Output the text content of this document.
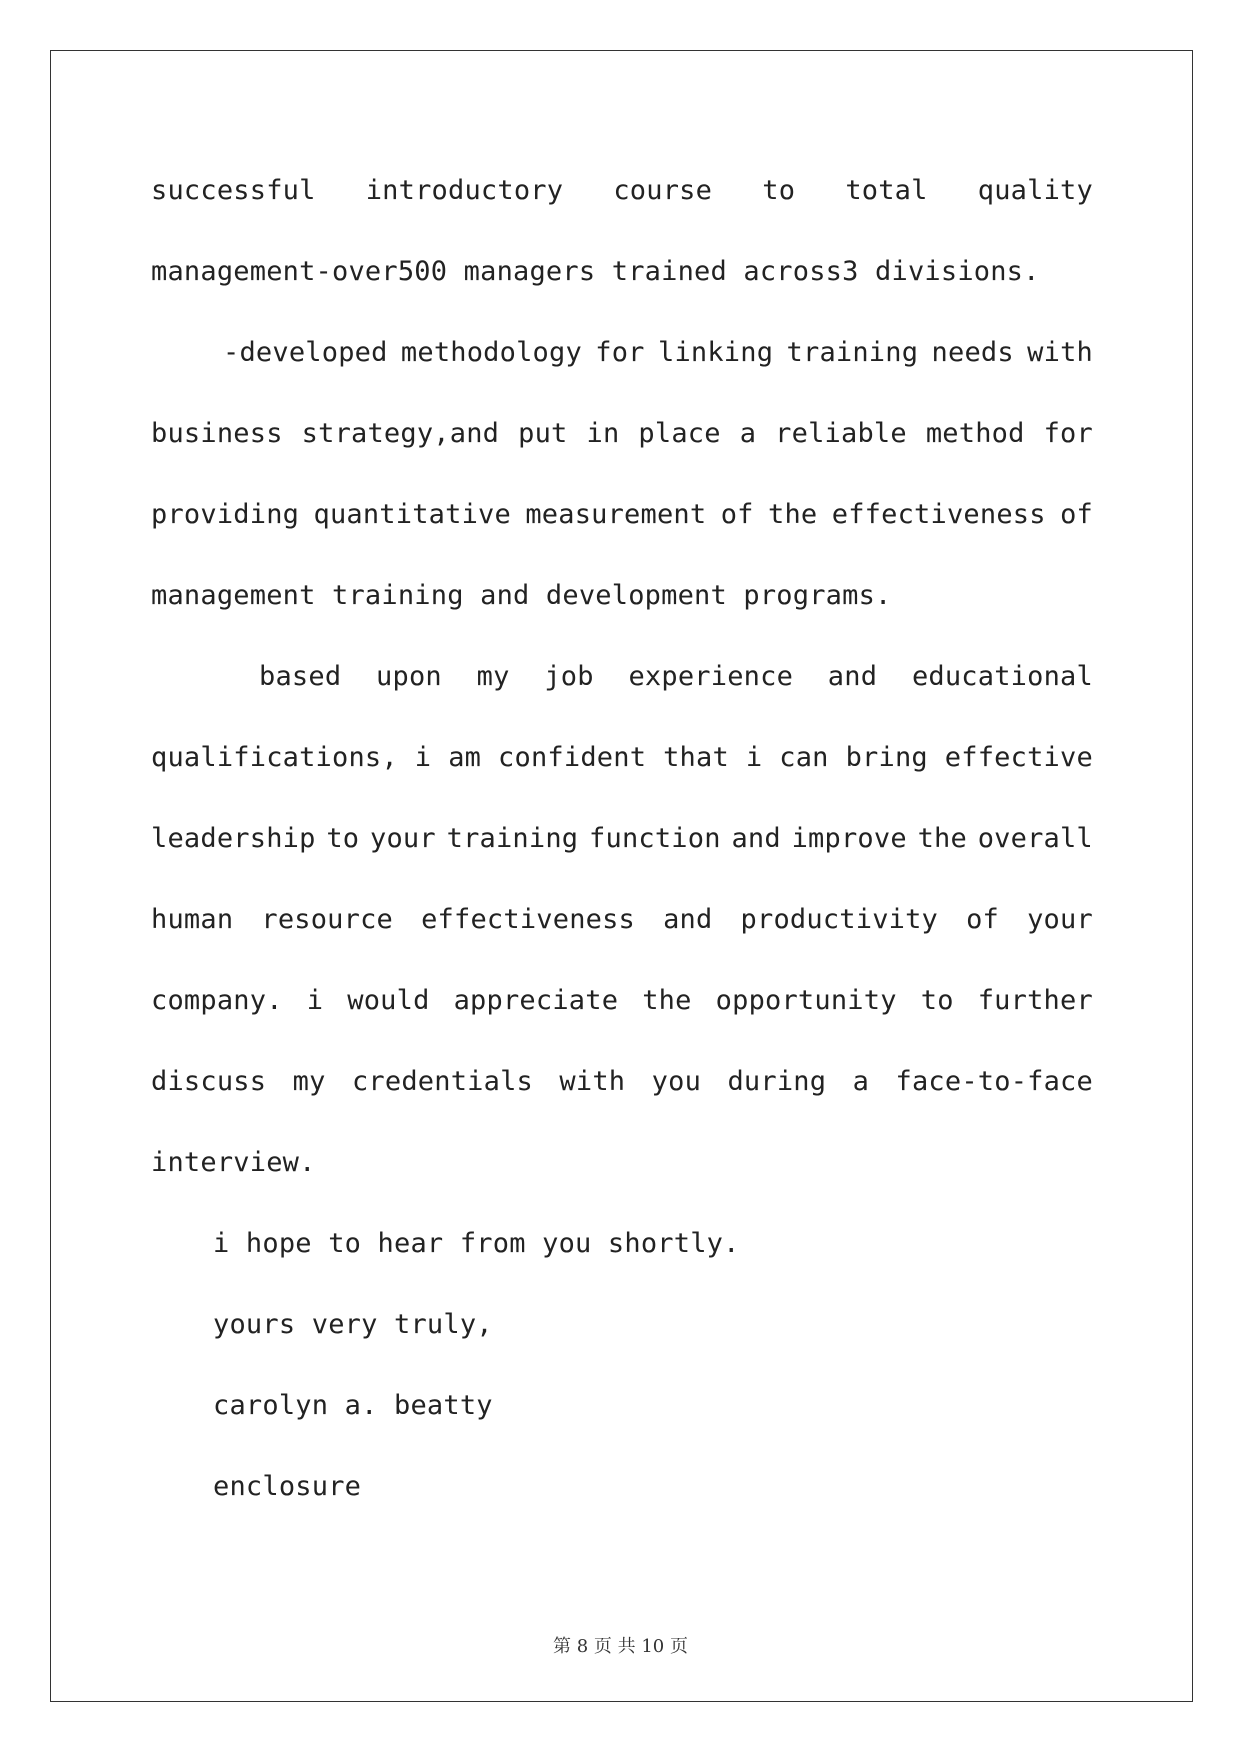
successful introductory course to total quality
management-over500 managers trained across3 divisions.
-developed methodology for linking training needs with
business strategy,and put in place a reliable method for
providing quantitative measurement of the effectiveness of
management training and development programs.
based upon my job experience and educational
qualifications, i am confident that i can bring effective
leadership to your training function and improve the overall
human resource effectiveness and productivity of your
company. i would appreciate the opportunity to further
discuss my credentials with you during a face-to-face
interview.
i hope to hear from you shortly.
yours very truly,
carolyn a. beatty
enclosure
第 8 页 共 10 页
